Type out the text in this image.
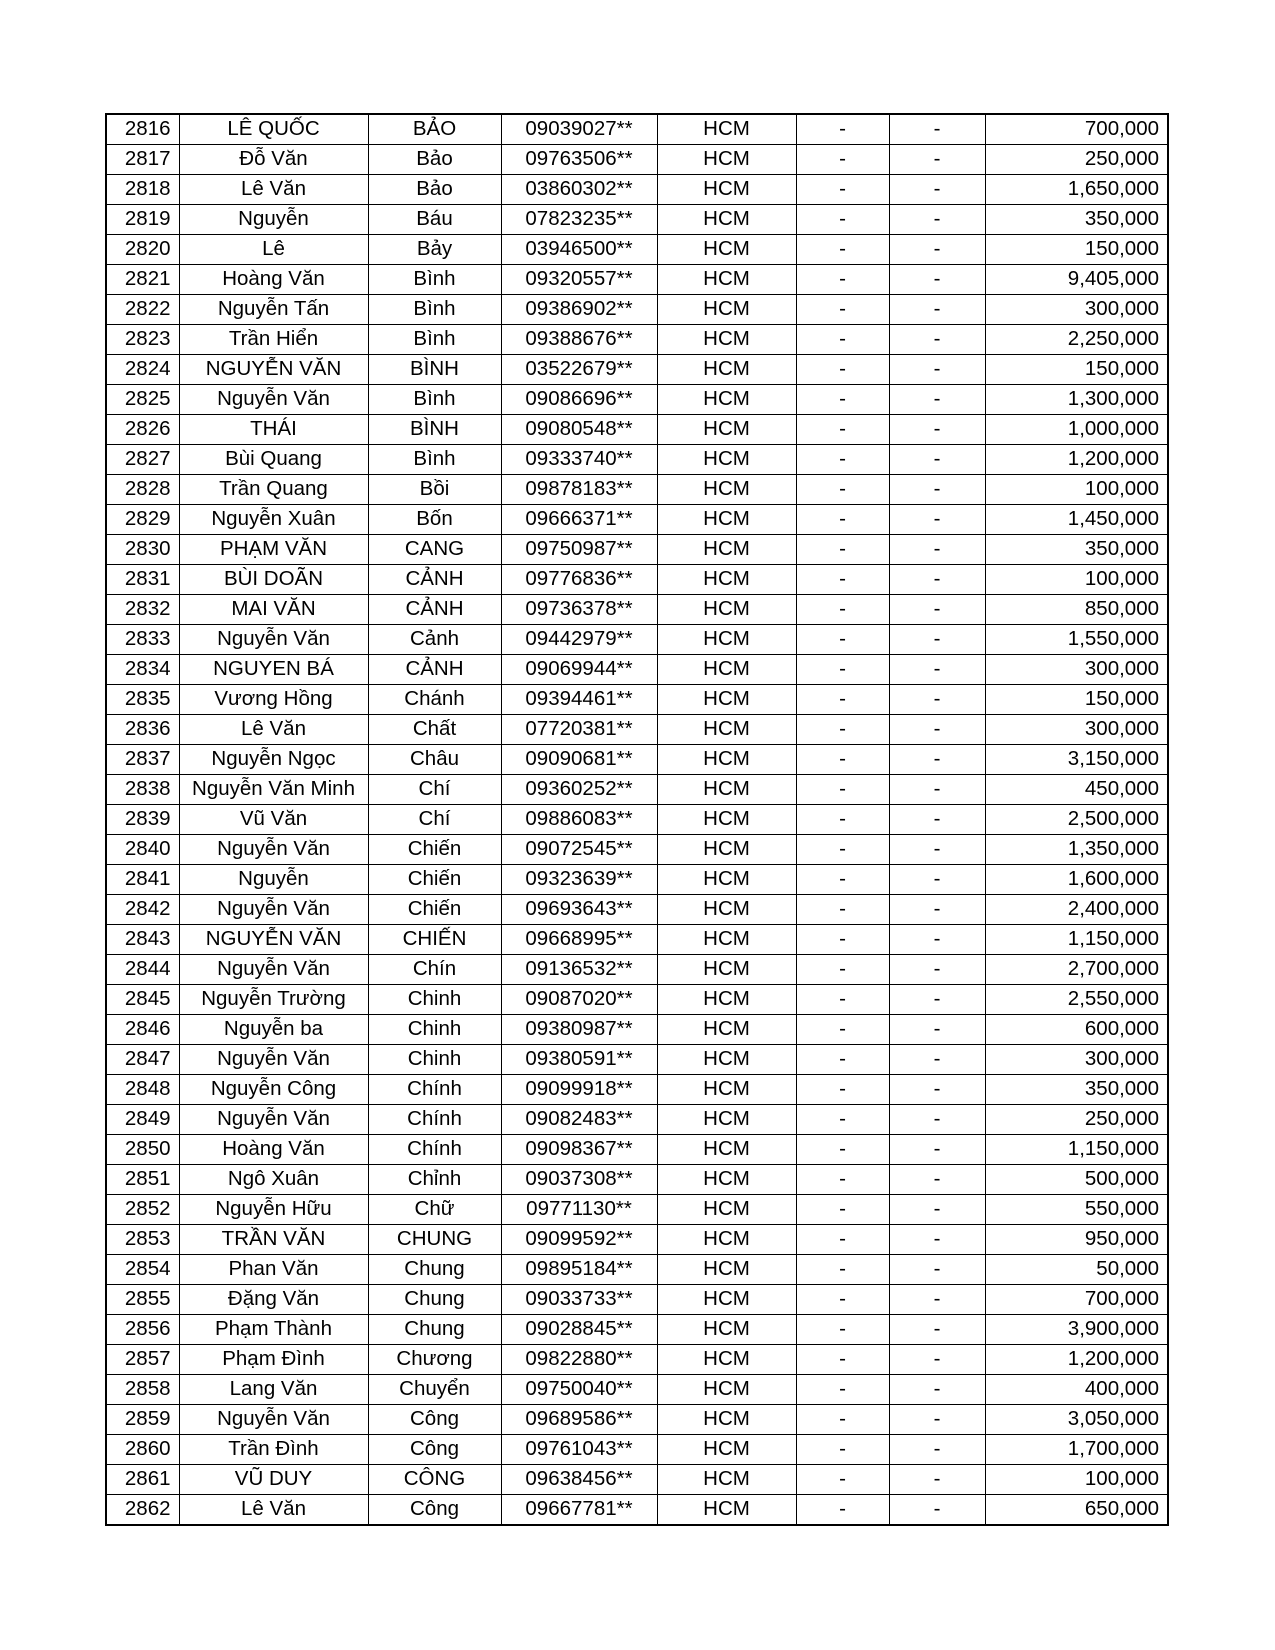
2816	LÊ QUỐC	BẢO	09039027**	HCM	-	-	700,000
2817	Đỗ Văn	Bảo	09763506**	HCM	-	-	250,000
2818	Lê Văn	Bảo	03860302**	HCM	-	-	1,650,000
2819	Nguyễn	Báu	07823235**	HCM	-	-	350,000
2820	Lê	Bảy	03946500**	HCM	-	-	150,000
2821	Hoàng Văn	Bình	09320557**	HCM	-	-	9,405,000
2822	Nguyễn Tấn	Bình	09386902**	HCM	-	-	300,000
2823	Trần Hiển	Bình	09388676**	HCM	-	-	2,250,000
2824	NGUYỄN VĂN	BÌNH	03522679**	HCM	-	-	150,000
2825	Nguyễn Văn	Bình	09086696**	HCM	-	-	1,300,000
2826	THÁI	BÌNH	09080548**	HCM	-	-	1,000,000
2827	Bùi Quang	Bình	09333740**	HCM	-	-	1,200,000
2828	Trần Quang	Bồi	09878183**	HCM	-	-	100,000
2829	Nguyễn Xuân	Bốn	09666371**	HCM	-	-	1,450,000
2830	PHẠM VĂN	CANG	09750987**	HCM	-	-	350,000
2831	BÙI DOÃN	CẢNH	09776836**	HCM	-	-	100,000
2832	MAI VĂN	CẢNH	09736378**	HCM	-	-	850,000
2833	Nguyễn Văn	Cảnh	09442979**	HCM	-	-	1,550,000
2834	NGUYEN BÁ	CẢNH	09069944**	HCM	-	-	300,000
2835	Vương Hồng	Chánh	09394461**	HCM	-	-	150,000
2836	Lê Văn	Chất	07720381**	HCM	-	-	300,000
2837	Nguyễn Ngọc	Châu	09090681**	HCM	-	-	3,150,000
2838	Nguyễn Văn Minh	Chí	09360252**	HCM	-	-	450,000
2839	Vũ Văn	Chí	09886083**	HCM	-	-	2,500,000
2840	Nguyễn Văn	Chiến	09072545**	HCM	-	-	1,350,000
2841	Nguyễn	Chiến	09323639**	HCM	-	-	1,600,000
2842	Nguyễn Văn	Chiến	09693643**	HCM	-	-	2,400,000
2843	NGUYỄN VĂN	CHIẾN	09668995**	HCM	-	-	1,150,000
2844	Nguyễn Văn	Chín	09136532**	HCM	-	-	2,700,000
2845	Nguyễn Trường	Chinh	09087020**	HCM	-	-	2,550,000
2846	Nguyễn ba	Chinh	09380987**	HCM	-	-	600,000
2847	Nguyễn Văn	Chinh	09380591**	HCM	-	-	300,000
2848	Nguyễn Công	Chính	09099918**	HCM	-	-	350,000
2849	Nguyễn Văn	Chính	09082483**	HCM	-	-	250,000
2850	Hoàng Văn	Chính	09098367**	HCM	-	-	1,150,000
2851	Ngô Xuân	Chỉnh	09037308**	HCM	-	-	500,000
2852	Nguyễn Hữu	Chữ	09771130**	HCM	-	-	550,000
2853	TRẦN VĂN	CHUNG	09099592**	HCM	-	-	950,000
2854	Phan Văn	Chung	09895184**	HCM	-	-	50,000
2855	Đặng Văn	Chung	09033733**	HCM	-	-	700,000
2856	Phạm Thành	Chung	09028845**	HCM	-	-	3,900,000
2857	Phạm Đình	Chương	09822880**	HCM	-	-	1,200,000
2858	Lang Văn	Chuyển	09750040**	HCM	-	-	400,000
2859	Nguyễn Văn	Công	09689586**	HCM	-	-	3,050,000
2860	Trần Đình	Công	09761043**	HCM	-	-	1,700,000
2861	VŨ DUY	CÔNG	09638456**	HCM	-	-	100,000
2862	Lê Văn	Công	09667781**	HCM	-	-	650,000
